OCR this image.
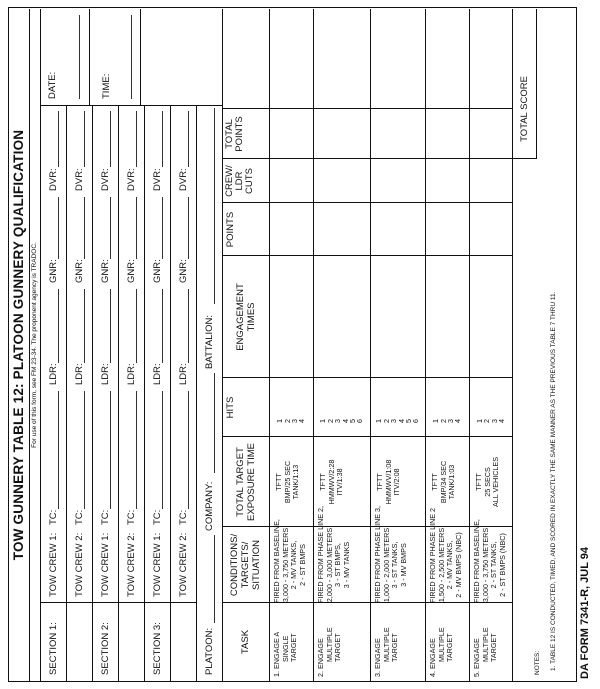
TOW GUNNERY TABLE 12: PLATOON GUNNERY QUALIFICATION For use of this form, see FM 23-34. The proponent agency is TRADOC.
SECTION 1:
TOW CREW 1:
TC:
LDR:
GNR:
DVR:
TOW CREW 2:
TC:
LDR:
GNR:
DVR:
SECTION 2:
TOW CREW 1:
TC:
LDR:
GNR:
DVR:
TOW CREW 2:
TC:
LDR:
GNR:
DVR:
SECTION 3:
TOW CREW 1:
TC:
LDR:
GNR:
DVR:
TOW CREW 2:
TC:
LDR:
GNR:
DVR:
DATE:	TIME:
PLATOON:
COMPANY:
BATTALION:
TASK
CONDITIONS/ TARGETS/ SITUATION
TOTAL TARGET EXPOSURE TIME
HITS
ENGAGEMENT TIMES
POINTS
CREW/ LDR CUTS
TOTAL POINTS
1. ENGAGE A SINGLE TARGET
FIRED FROM BASELINE, 3,000 - 3,750 METERS 2 - MV TANKS, 2 - ST BMPS
TFTT BMP/25 SEC TANK/1:13
1
2
3
4
2. ENGAGE MULTIPLE TARGET
FIRED FROM PHASE LINE 2, 2,000 - 3,000 METERS 3 - ST BMPS, 3 - MV TANKS
TFTT HMMWV/2:28 ITV/1:38
1
2
3
4
5
6
3. ENGAGE MULTIPLE TARGET
FIRED FROM PHASE LINE 3, 1,000 - 2,000 METERS 3 - ST TANKS, 3 - MV BMPS
TFTT HMMWV/1:08 ITV/2:08
1
2
3
4
5
6
4. ENGAGE MULTIPLE TARGET
FIRED FROM PHASE LINE 2 1,500 - 2,500 METERS 2 - MV TANKS, 2 - MV BMPS (NBC)
TFTT BMP/34 SEC TANK/1:03
1
2
3
4
5. ENGAGE MULTIPLE TARGET
FIRED FROM BASELINE, 3,000 - 3,750 METERS 2 - ST TANKS, 2 - ST BMPS (NBC)
TFTT 25 SECS ALL VEHICLES
1
2
3
4
TOTAL SCORE
NOTES: 1. TABLE 12 IS CONDUCTED, TIMED, AND SCORED IN EXACTLY THE SAME MANNER AS THE PREVIOUS TABLE 7 THRU 11. DA FORM 7341-R, JUL 94
